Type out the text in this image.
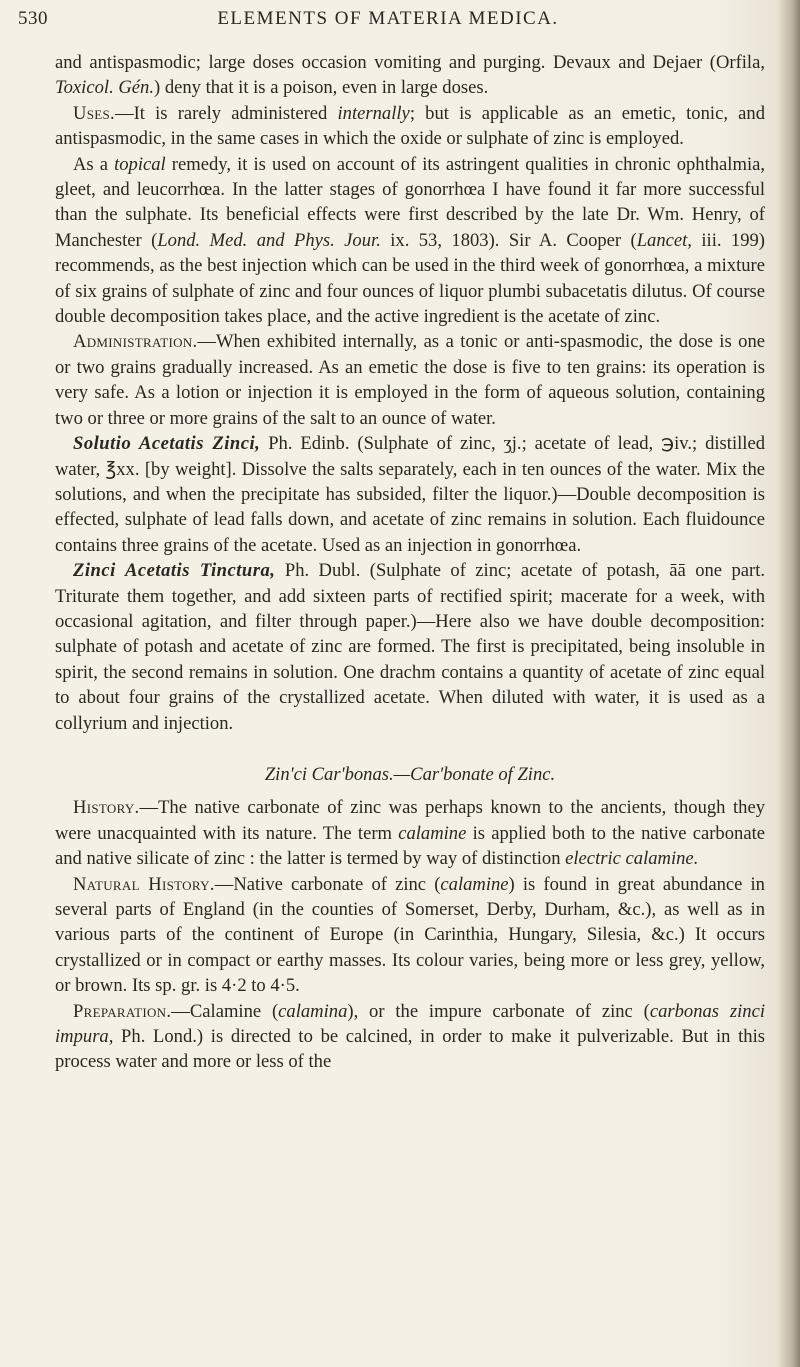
530	ELEMENTS OF MATERIA MEDICA.

and antispasmodic; large doses occasion vomiting and purging. Devaux and Dejaer (Orfila, Toxicol. Gén.) deny that it is a poison, even in large doses.

Uses.—It is rarely administered internally; but is applicable as an emetic, tonic, and antispasmodic, in the same cases in which the oxide or sulphate of zinc is employed.

As a topical remedy, it is used on account of its astringent qualities in chronic ophthalmia, gleet, and leucorrhœa. In the latter stages of gonorrhœa I have found it far more successful than the sulphate. Its beneficial effects were first described by the late Dr. Wm. Henry, of Manchester (Lond. Med. and Phys. Jour. ix. 53, 1803). Sir A. Cooper (Lancet, iii. 199) recommends, as the best injection which can be used in the third week of gonorrhœa, a mixture of six grains of sulphate of zinc and four ounces of liquor plumbi subacetatis dilutus. Of course double decomposition takes place, and the active ingredient is the acetate of zinc.

Administration.—When exhibited internally, as a tonic or anti-spasmodic, the dose is one or two grains gradually increased. As an emetic the dose is five to ten grains: its operation is very safe. As a lotion or injection it is employed in the form of aqueous solution, containing two or three or more grains of the salt to an ounce of water.

Solutio Acetatis Zinci, Ph. Edinb. (Sulphate of zinc, ʒj.; acetate of lead, ℈iv.; distilled water, ℥xx. [by weight]. Dissolve the salts separately, each in ten ounces of the water. Mix the solutions, and when the precipitate has subsided, filter the liquor.)—Double decomposition is effected, sulphate of lead falls down, and acetate of zinc remains in solution. Each fluidounce contains three grains of the acetate. Used as an injection in gonorrhœa.

Zinci Acetatis Tinctura, Ph. Dubl. (Sulphate of zinc; acetate of potash, āā one part. Triturate them together, and add sixteen parts of rectified spirit; macerate for a week, with occasional agitation, and filter through paper.)—Here also we have double decomposition: sulphate of potash and acetate of zinc are formed. The first is precipitated, being insoluble in spirit, the second remains in solution. One drachm contains a quantity of acetate of zinc equal to about four grains of the crystallized acetate. When diluted with water, it is used as a collyrium and injection.

Zin'ci Car'bonas.—Car'bonate of Zinc.

History.—The native carbonate of zinc was perhaps known to the ancients, though they were unacquainted with its nature. The term calamine is applied both to the native carbonate and native silicate of zinc : the latter is termed by way of distinction electric calamine.

Natural History.—Native carbonate of zinc (calamine) is found in great abundance in several parts of England (in the counties of Somerset, Derby, Durham, &c.), as well as in various parts of the continent of Europe (in Carinthia, Hungary, Silesia, &c.) It occurs crystallized or in compact or earthy masses. Its colour varies, being more or less grey, yellow, or brown. Its sp. gr. is 4·2 to 4·5.

Preparation.—Calamine (calamina), or the impure carbonate of zinc (carbonas zinci impura, Ph. Lond.) is directed to be calcined, in order to make it pulverizable. But in this process water and more or less of the
